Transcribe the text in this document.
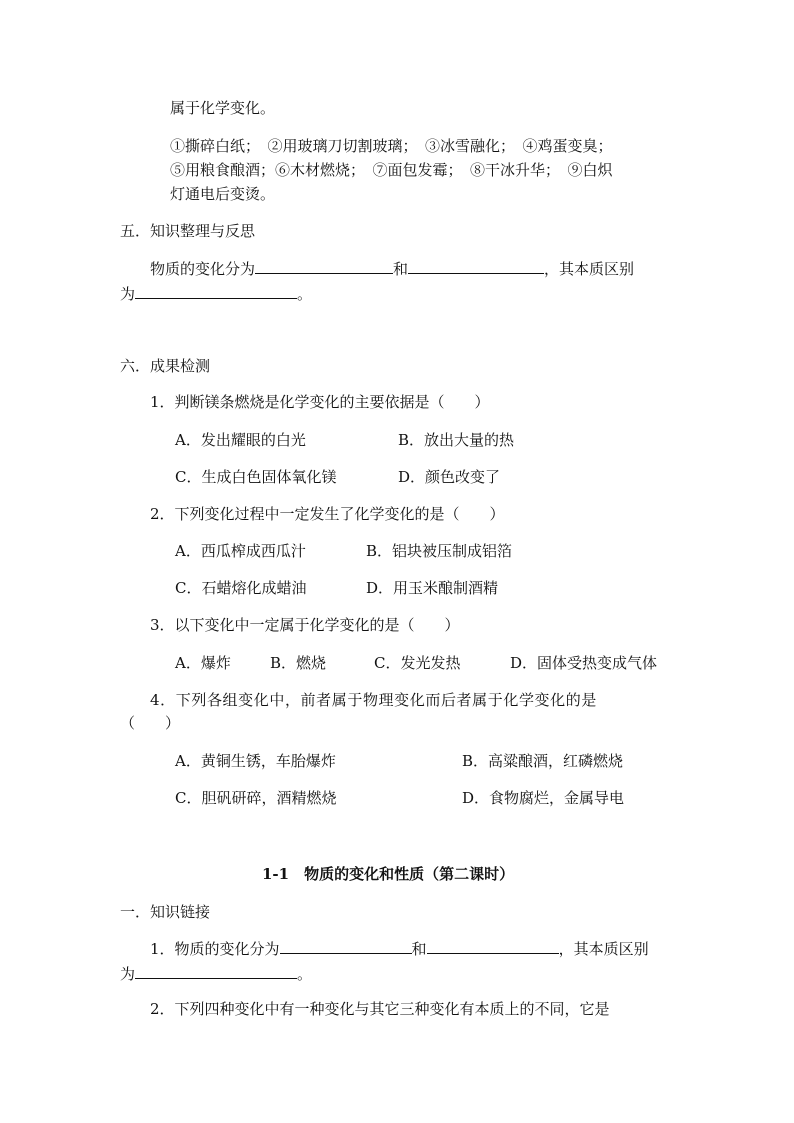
属于化学变化。
①撕碎白纸；　②用玻璃刀切割玻璃；　③冰雪融化；　④鸡蛋变臭；
⑤用粮食酿酒；⑥木材燃烧；　⑦面包发霉；　⑧干冰升华；　⑨白炽
灯通电后变烫。
五．知识整理与反思
物质的变化分为	和	，其本质区别
为	。
六．成果检测
1．判断镁条燃烧是化学变化的主要依据是（　　）
A．发出耀眼的白光	B．放出大量的热
C．生成白色固体氧化镁	D．颜色改变了
2．下列变化过程中一定发生了化学变化的是（　　）
A．西瓜榨成西瓜汁	B．铝块被压制成铝箔
C．石蜡熔化成蜡油	D．用玉米酿制酒精
3．以下变化中一定属于化学变化的是（　　）
A．爆炸	B．燃烧	C．发光发热	D．固体受热变成气体
4．下列各组变化中，前者属于物理变化而后者属于化学变化的是
（　　）
A．黄铜生锈，车胎爆炸	B．高粱酿酒，红磷燃烧
C．胆矾研碎，酒精燃烧	D．食物腐烂，金属导电
1-1　物质的变化和性质（第二课时）
一．知识链接
1．物质的变化分为	和	，其本质区别
为	。
2．下列四种变化中有一种变化与其它三种变化有本质上的不同，它是
